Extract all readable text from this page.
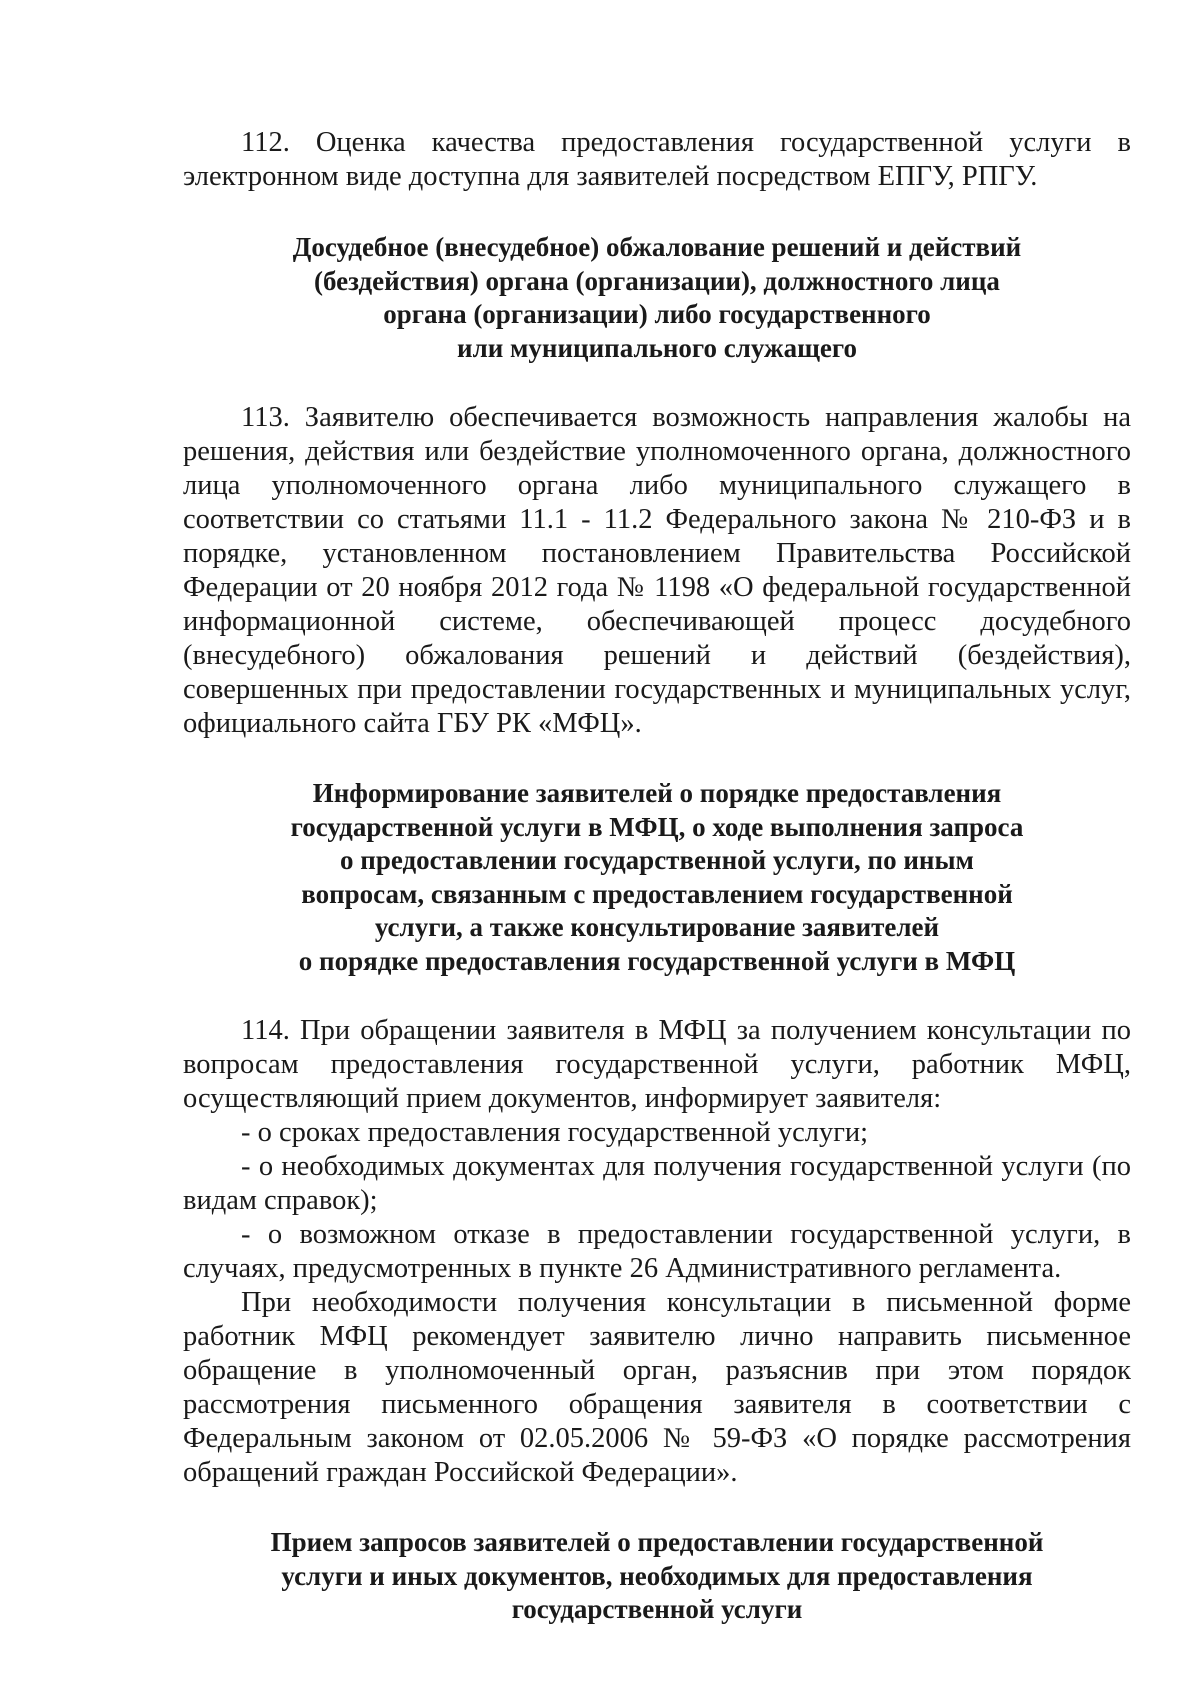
112. Оценка качества предоставления государственной услуги в электронном виде доступна для заявителей посредством ЕПГУ, РПГУ.

Досудебное (внесудебное) обжалование решений и действий
(бездействия) органа (организации), должностного лица
органа (организации) либо государственного
или муниципального служащего

113. Заявителю обеспечивается возможность направления жалобы на решения, действия или бездействие уполномоченного органа, должностного лица уполномоченного органа либо муниципального служащего в соответствии со статьями 11.1 - 11.2 Федерального закона № 210-ФЗ и в порядке, установленном постановлением Правительства Российской Федерации от 20 ноября 2012 года № 1198 «О федеральной государственной информационной системе, обеспечивающей процесс досудебного (внесудебного) обжалования решений и действий (бездействия), совершенных при предоставлении государственных и муниципальных услуг, официального сайта ГБУ РК «МФЦ».

Информирование заявителей о порядке предоставления
государственной услуги в МФЦ, о ходе выполнения запроса
о предоставлении государственной услуги, по иным
вопросам, связанным с предоставлением государственной
услуги, а также консультирование заявителей
о порядке предоставления государственной услуги в МФЦ

114. При обращении заявителя в МФЦ за получением консультации по вопросам предоставления государственной услуги, работник МФЦ, осуществляющий прием документов, информирует заявителя:

- о сроках предоставления государственной услуги;

- о необходимых документах для получения государственной услуги (по видам справок);

- о возможном отказе в предоставлении государственной услуги, в случаях, предусмотренных в пункте 26 Административного регламента.

При необходимости получения консультации в письменной форме работник МФЦ рекомендует заявителю лично направить письменное обращение в уполномоченный орган, разъяснив при этом порядок рассмотрения письменного обращения заявителя в соответствии с Федеральным законом от 02.05.2006 № 59-ФЗ «О порядке рассмотрения обращений граждан Российской Федерации».

Прием запросов заявителей о предоставлении государственной
услуги и иных документов, необходимых для предоставления
государственной услуги
